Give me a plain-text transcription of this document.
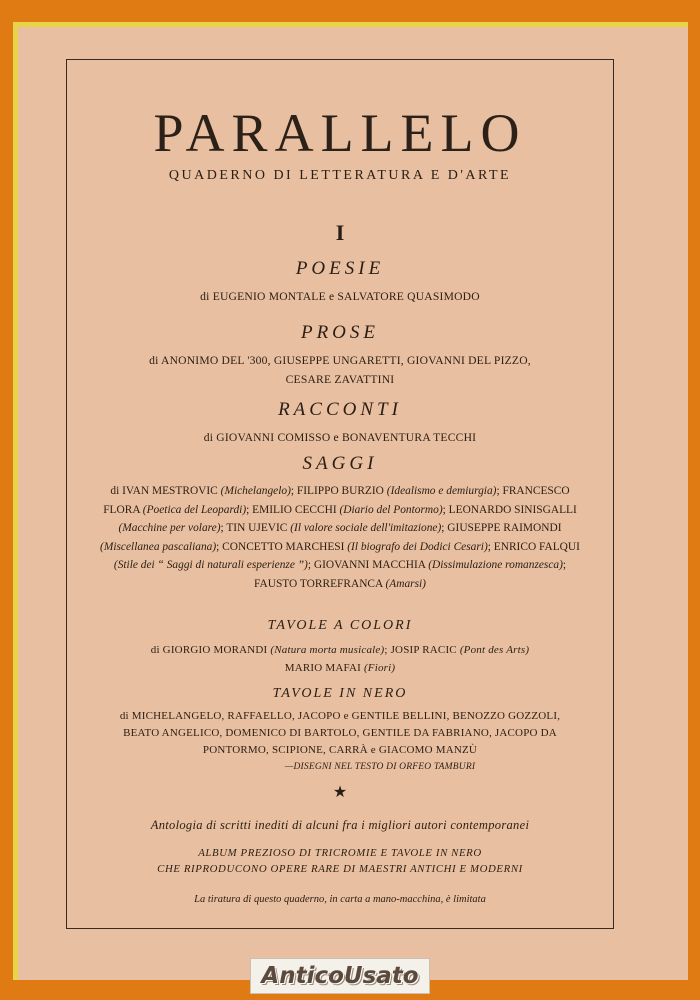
PARALLELO
QUADERNO DI LETTERATURA E D'ARTE
I
POESIE
di EUGENIO MONTALE e SALVATORE QUASIMODO
PROSE
di ANONIMO DEL '300, GIUSEPPE UNGARETTI, GIOVANNI DEL PIZZO,
CESARE ZAVATTINI
RACCONTI
di GIOVANNI COMISSO e BONAVENTURA TECCHI
SAGGI
di IVAN MESTROVIC (Michelangelo); FILIPPO BURZIO (Idealismo e demiurgia); FRANCESCO FLORA (Poetica del Leopardi); EMILIO CECCHI (Diario del Pontormo); LEONARDO SINISGALLI (Macchine per volare); TIN UJEVIC (Il valore sociale dell'imitazione); GIUSEPPE RAIMONDI (Miscellanea pascaliana); CONCETTO MARCHESI (Il biografo dei Dodici Cesari); ENRICO FALQUI (Stile dei “ Saggi di naturali esperienze ”); GIOVANNI MACCHIA (Dissimulazione romanzesca); FAUSTO TORREFRANCA (Amarsi)
TAVOLE A COLORI
di GIORGIO MORANDI (Natura morta musicale); JOSIP RACIC (Pont des Arts)
MARIO MAFAI (Fiori)
TAVOLE IN NERO
di MICHELANGELO, RAFFAELLO, JACOPO e GENTILE BELLINI, BENOZZO GOZZOLI,
BEATO ANGELICO, DOMENICO DI BARTOLO, GENTILE DA FABRIANO, JACOPO DA
PONTORMO, SCIPIONE, CARRÀ e GIACOMO MANZÙ
—DISEGNI NEL TESTO DI ORFEO TAMBURI
★
Antologia di scritti inediti di alcuni fra i migliori autori contemporanei
ALBUM PREZIOSO DI TRICROMIE E TAVOLE IN NERO
CHE RIPRODUCONO OPERE RARE DI MAESTRI ANTICHI E MODERNI
La tiratura di questo quaderno, in carta a mano-macchina, è limitata
AnticoUsato
